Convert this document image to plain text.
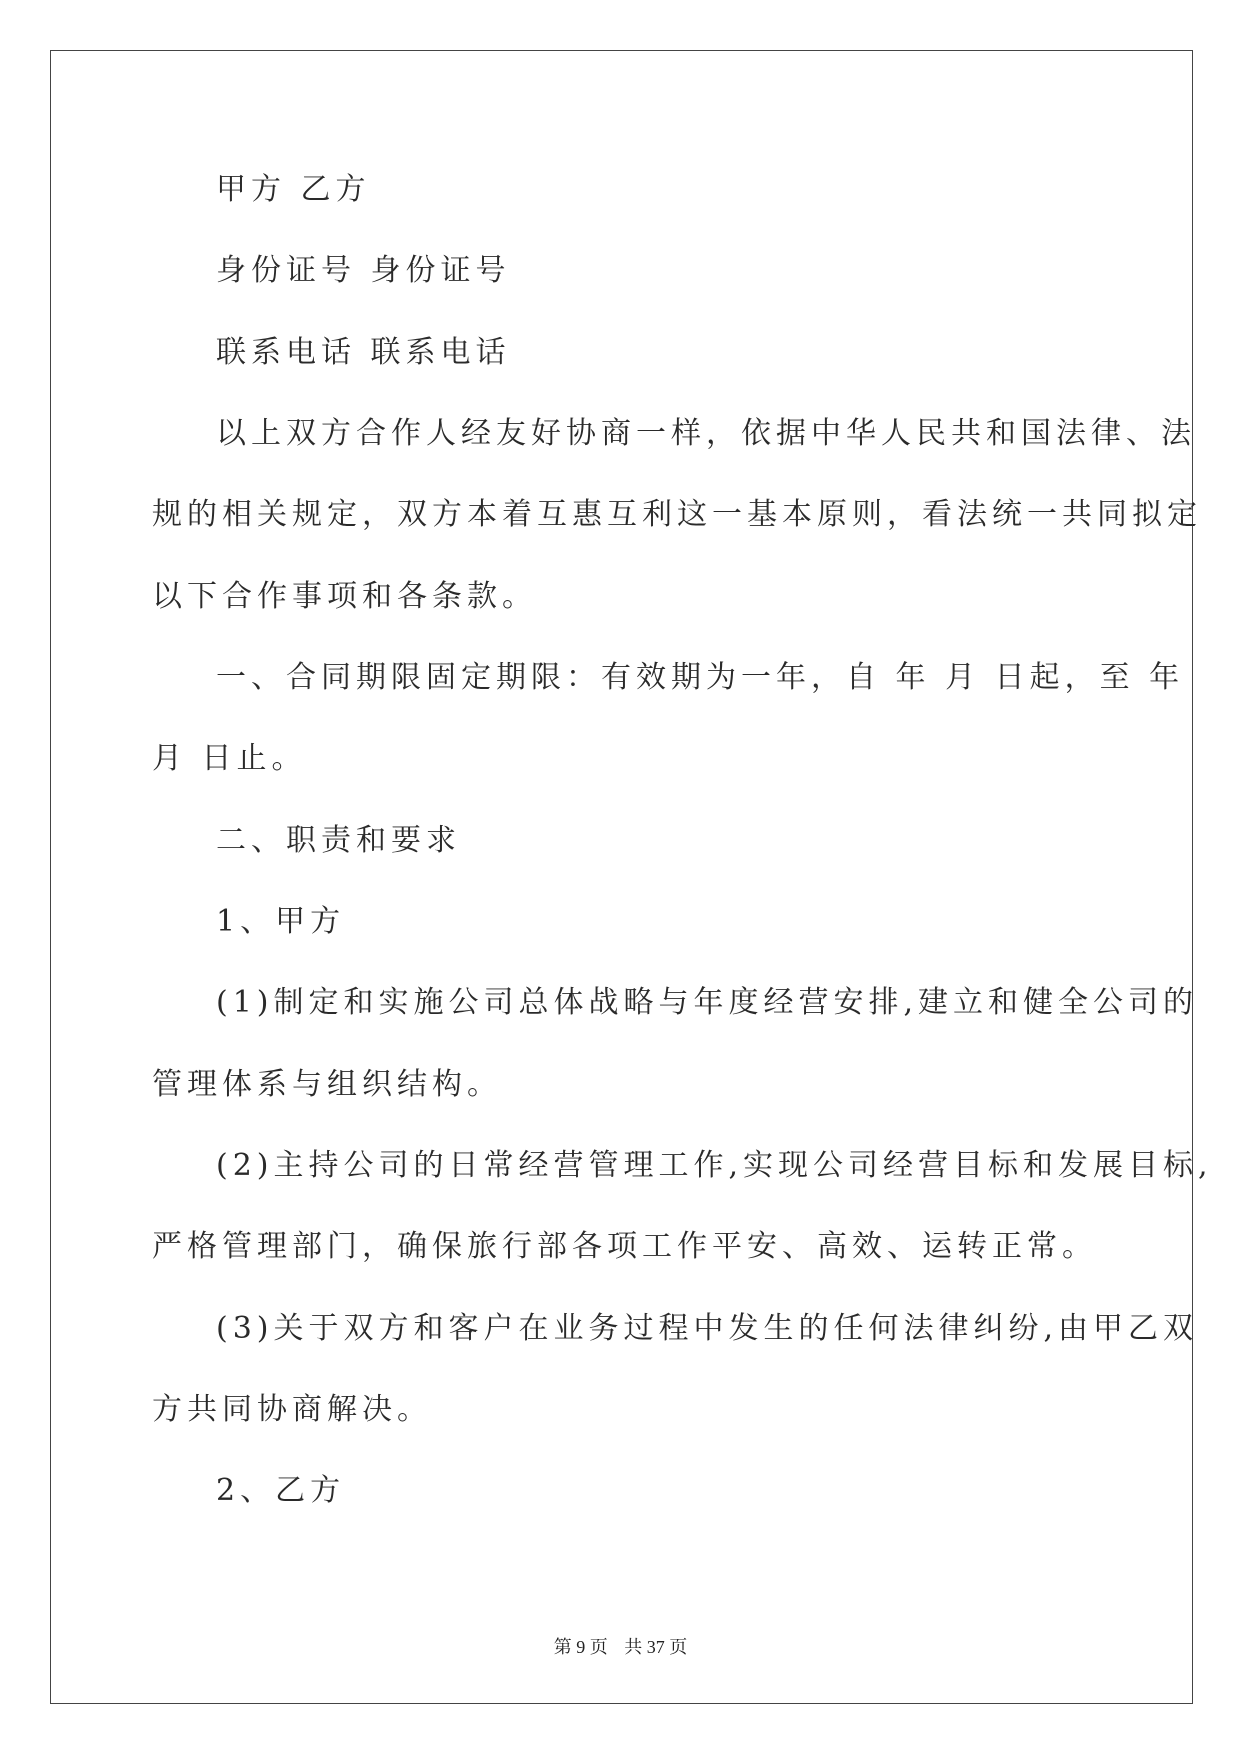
甲方 乙方
身份证号 身份证号
联系电话 联系电话
以上双方合作人经友好协商一样，依据中华人民共和国法律、法
规的相关规定，双方本着互惠互利这一基本原则，看法统一共同拟定
以下合作事项和各条款。
一、合同期限固定期限：有效期为一年，自 年 月 日起，至 年
月 日止。
二、职责和要求
1、甲方
(1)制定和实施公司总体战略与年度经营安排,建立和健全公司的
管理体系与组织结构。
(2)主持公司的日常经营管理工作,实现公司经营目标和发展目标,
严格管理部门，确保旅行部各项工作平安、高效、运转正常。
(3)关于双方和客户在业务过程中发生的任何法律纠纷,由甲乙双
方共同协商解决。
2、乙方
第 9 页 共 37 页
